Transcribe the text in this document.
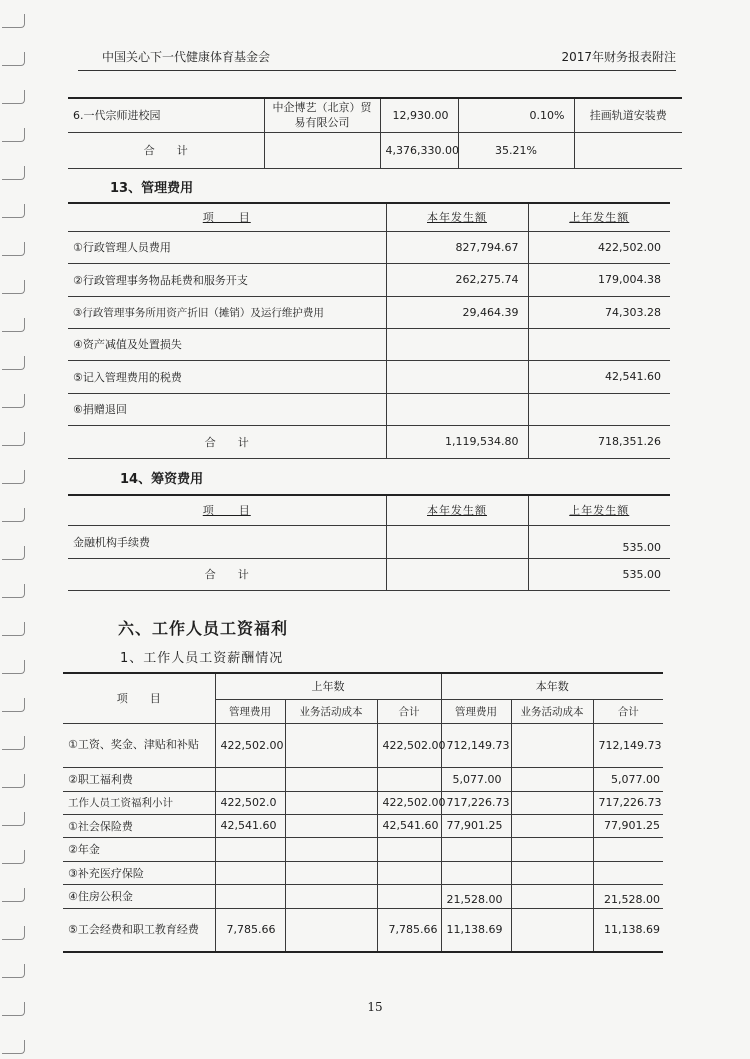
中国关心下一代健康体育基金会	2017年财务报表附注
6.一代宗师进校园	中企博艺（北京）贸易有限公司	12,930.00	0.10%	挂画轨道安装费
合　　计		4,376,330.00	35.21%	
13、管理费用
项　　目	本年发生额	上年发生额
①行政管理人员费用	827,794.67	422,502.00
②行政管理事务物品耗费和服务开支	262,275.74	179,004.38
③行政管理事务所用资产折旧（摊销）及运行维护费用	29,464.39	74,303.28
④资产减值及处置损失		
⑤记入管理费用的税费		42,541.60
⑥捐赠退回		
合　　计	1,119,534.80	718,351.26
14、筹资费用
项　　目	本年发生额	上年发生额
金融机构手续费		535.00
合　　计		535.00
六、工作人员工资福利
1、工作人员工资薪酬情况
项　　目	上年数			本年数		
	管理费用	业务活动成本	合计	管理费用	业务活动成本	合计
①工资、奖金、津贴和补贴	422,502.00		422,502.00	712,149.73		712,149.73
②职工福利费				5,077.00		5,077.00
工作人员工资福利小计	422,502.0		422,502.00	717,226.73		717,226.73
①社会保险费	42,541.60		42,541.60	77,901.25		77,901.25
②年金						
③补充医疗保险						
④住房公积金				21,528.00		21,528.00
⑤工会经费和职工教育经费	7,785.66		7,785.66	11,138.69		11,138.69
15
